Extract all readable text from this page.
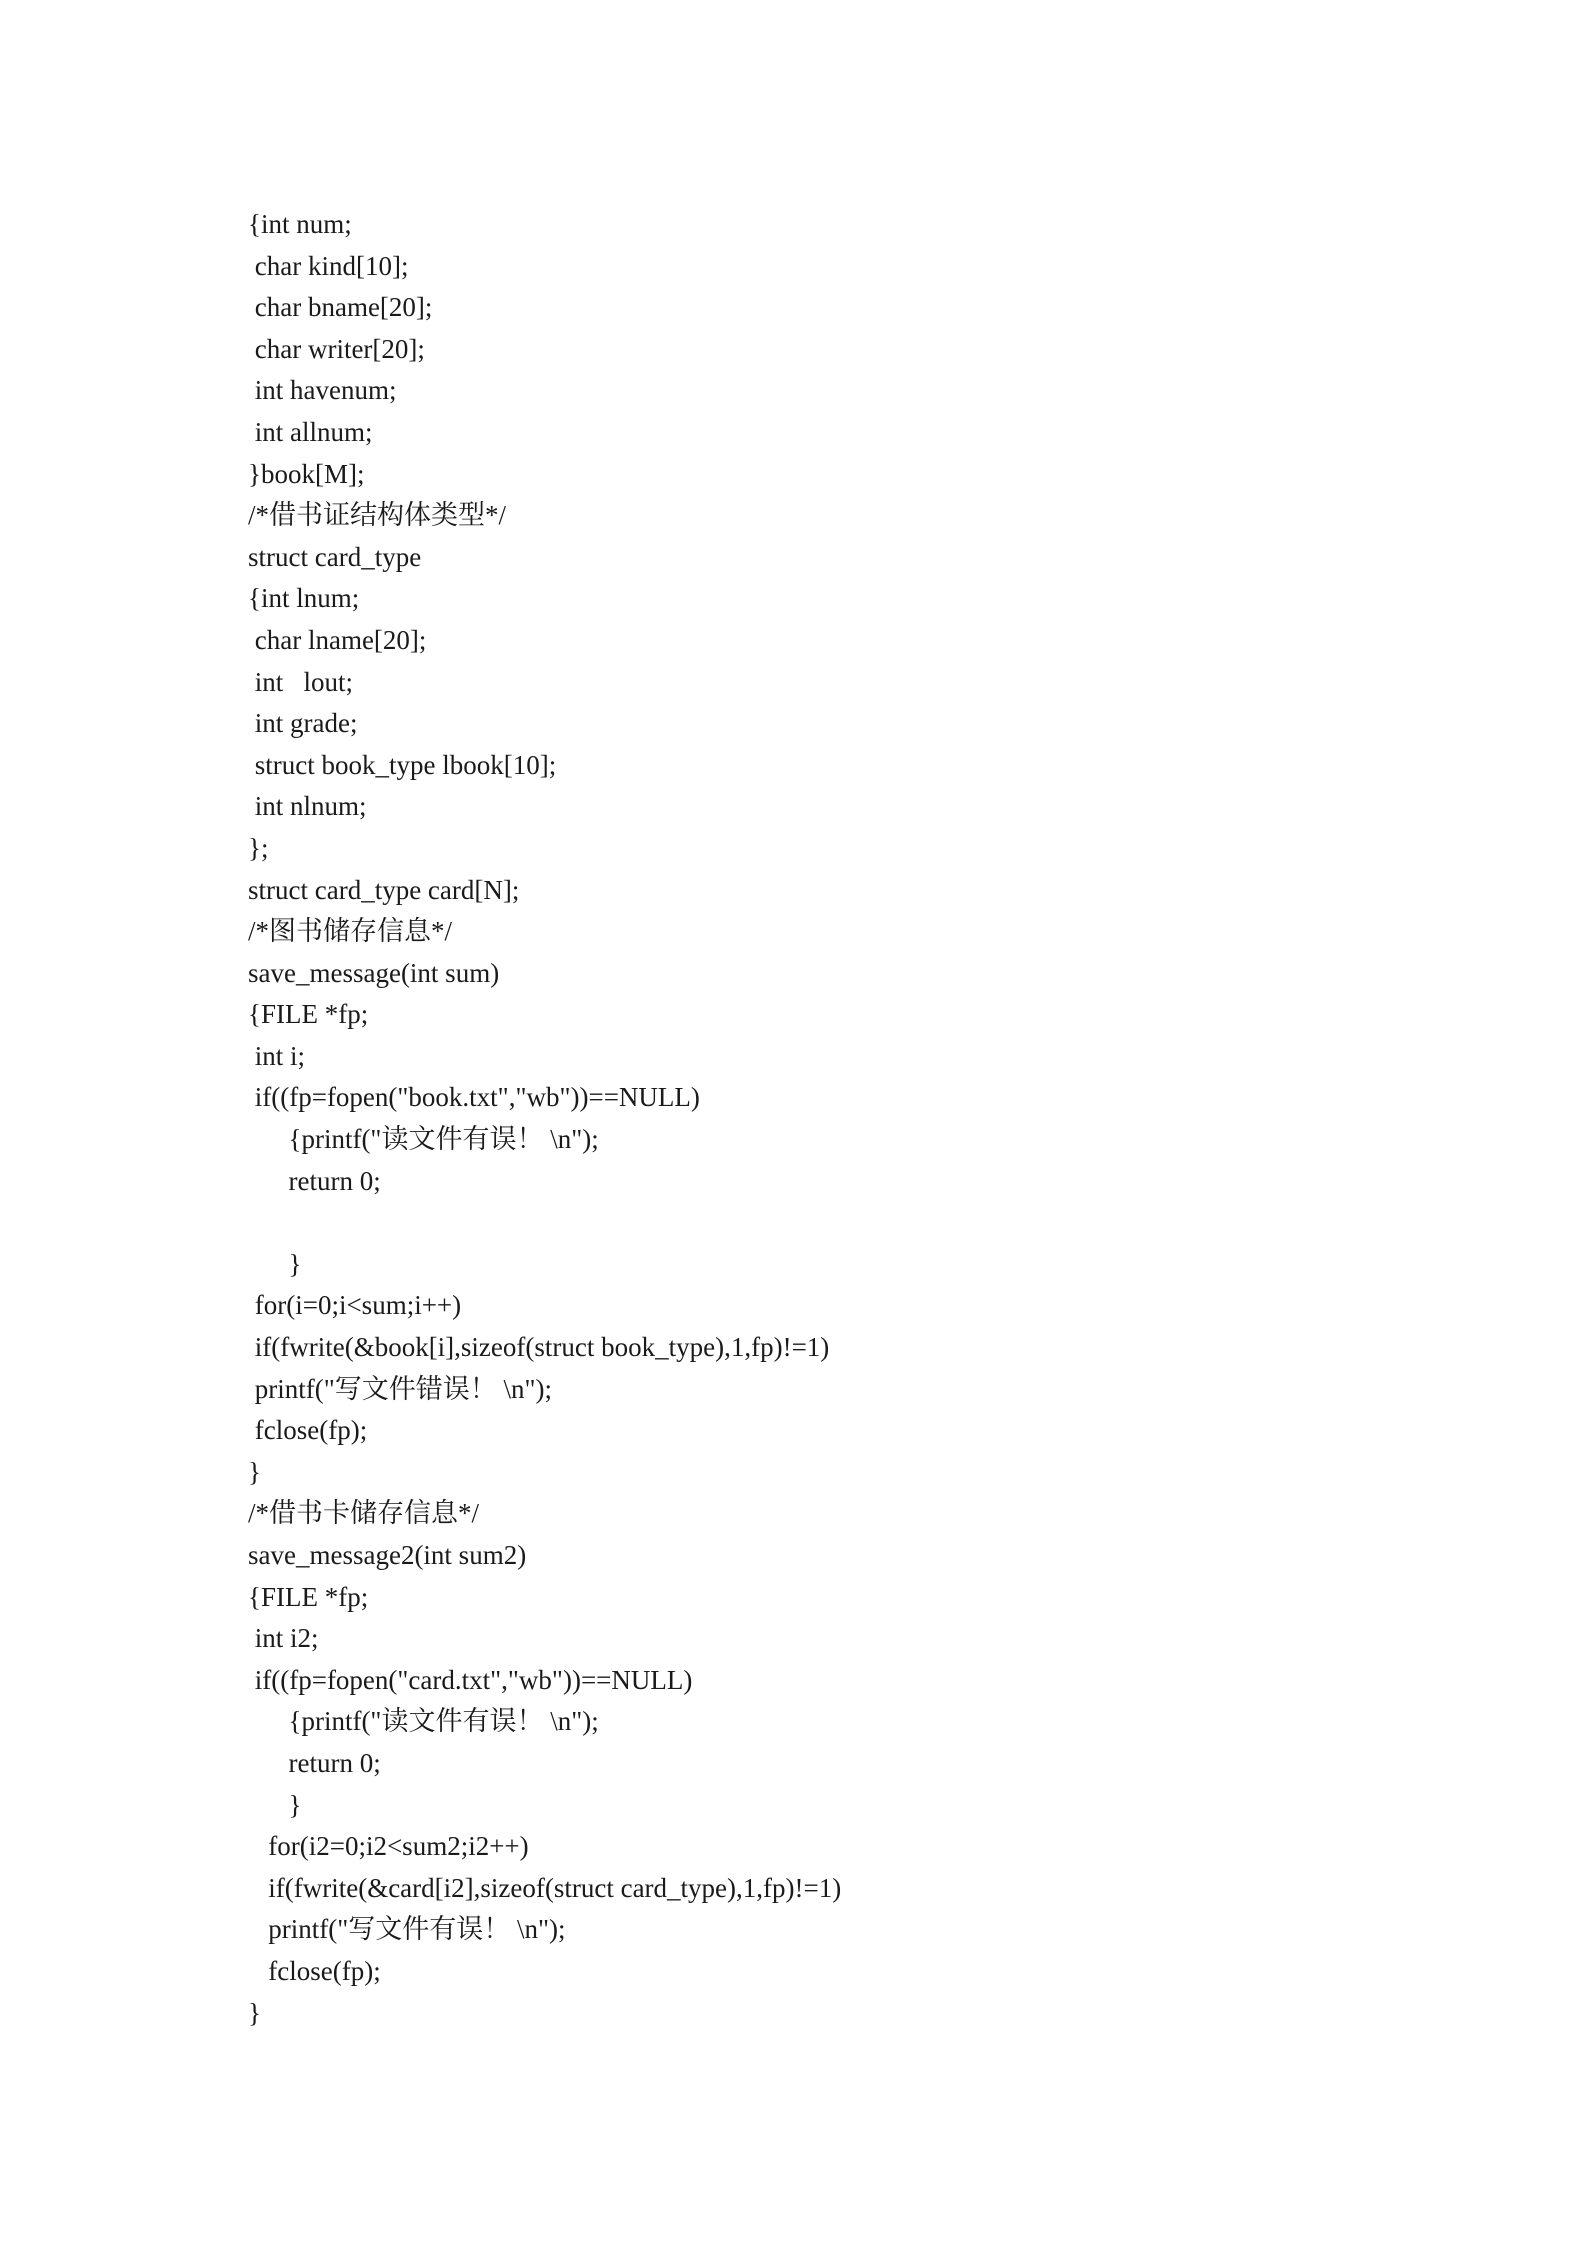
{int num;
char kind[10];
char bname[20];
char writer[20];
int havenum;
int allnum;
}book[M];
/*借书证结构体类型*/
struct card_type
{int lnum;
char lname[20];
int   lout;
int grade;
struct book_type lbook[10];
int nlnum;
};
struct card_type card[N];
/*图书储存信息*/
save_message(int sum)
{FILE *fp;
int i;
if((fp=fopen("book.txt","wb"))==NULL)
{printf("读文件有误！ \n");
return 0;
}
for(i=0;i<sum;i++)
if(fwrite(&book[i],sizeof(struct book_type),1,fp)!=1)
printf("写文件错误！ \n");
fclose(fp);
}
/*借书卡储存信息*/
save_message2(int sum2)
{FILE *fp;
int i2;
if((fp=fopen("card.txt","wb"))==NULL)
{printf("读文件有误！ \n");
return 0;
}
for(i2=0;i2<sum2;i2++)
if(fwrite(&card[i2],sizeof(struct card_type),1,fp)!=1)
printf("写文件有误！ \n");
fclose(fp);
}
